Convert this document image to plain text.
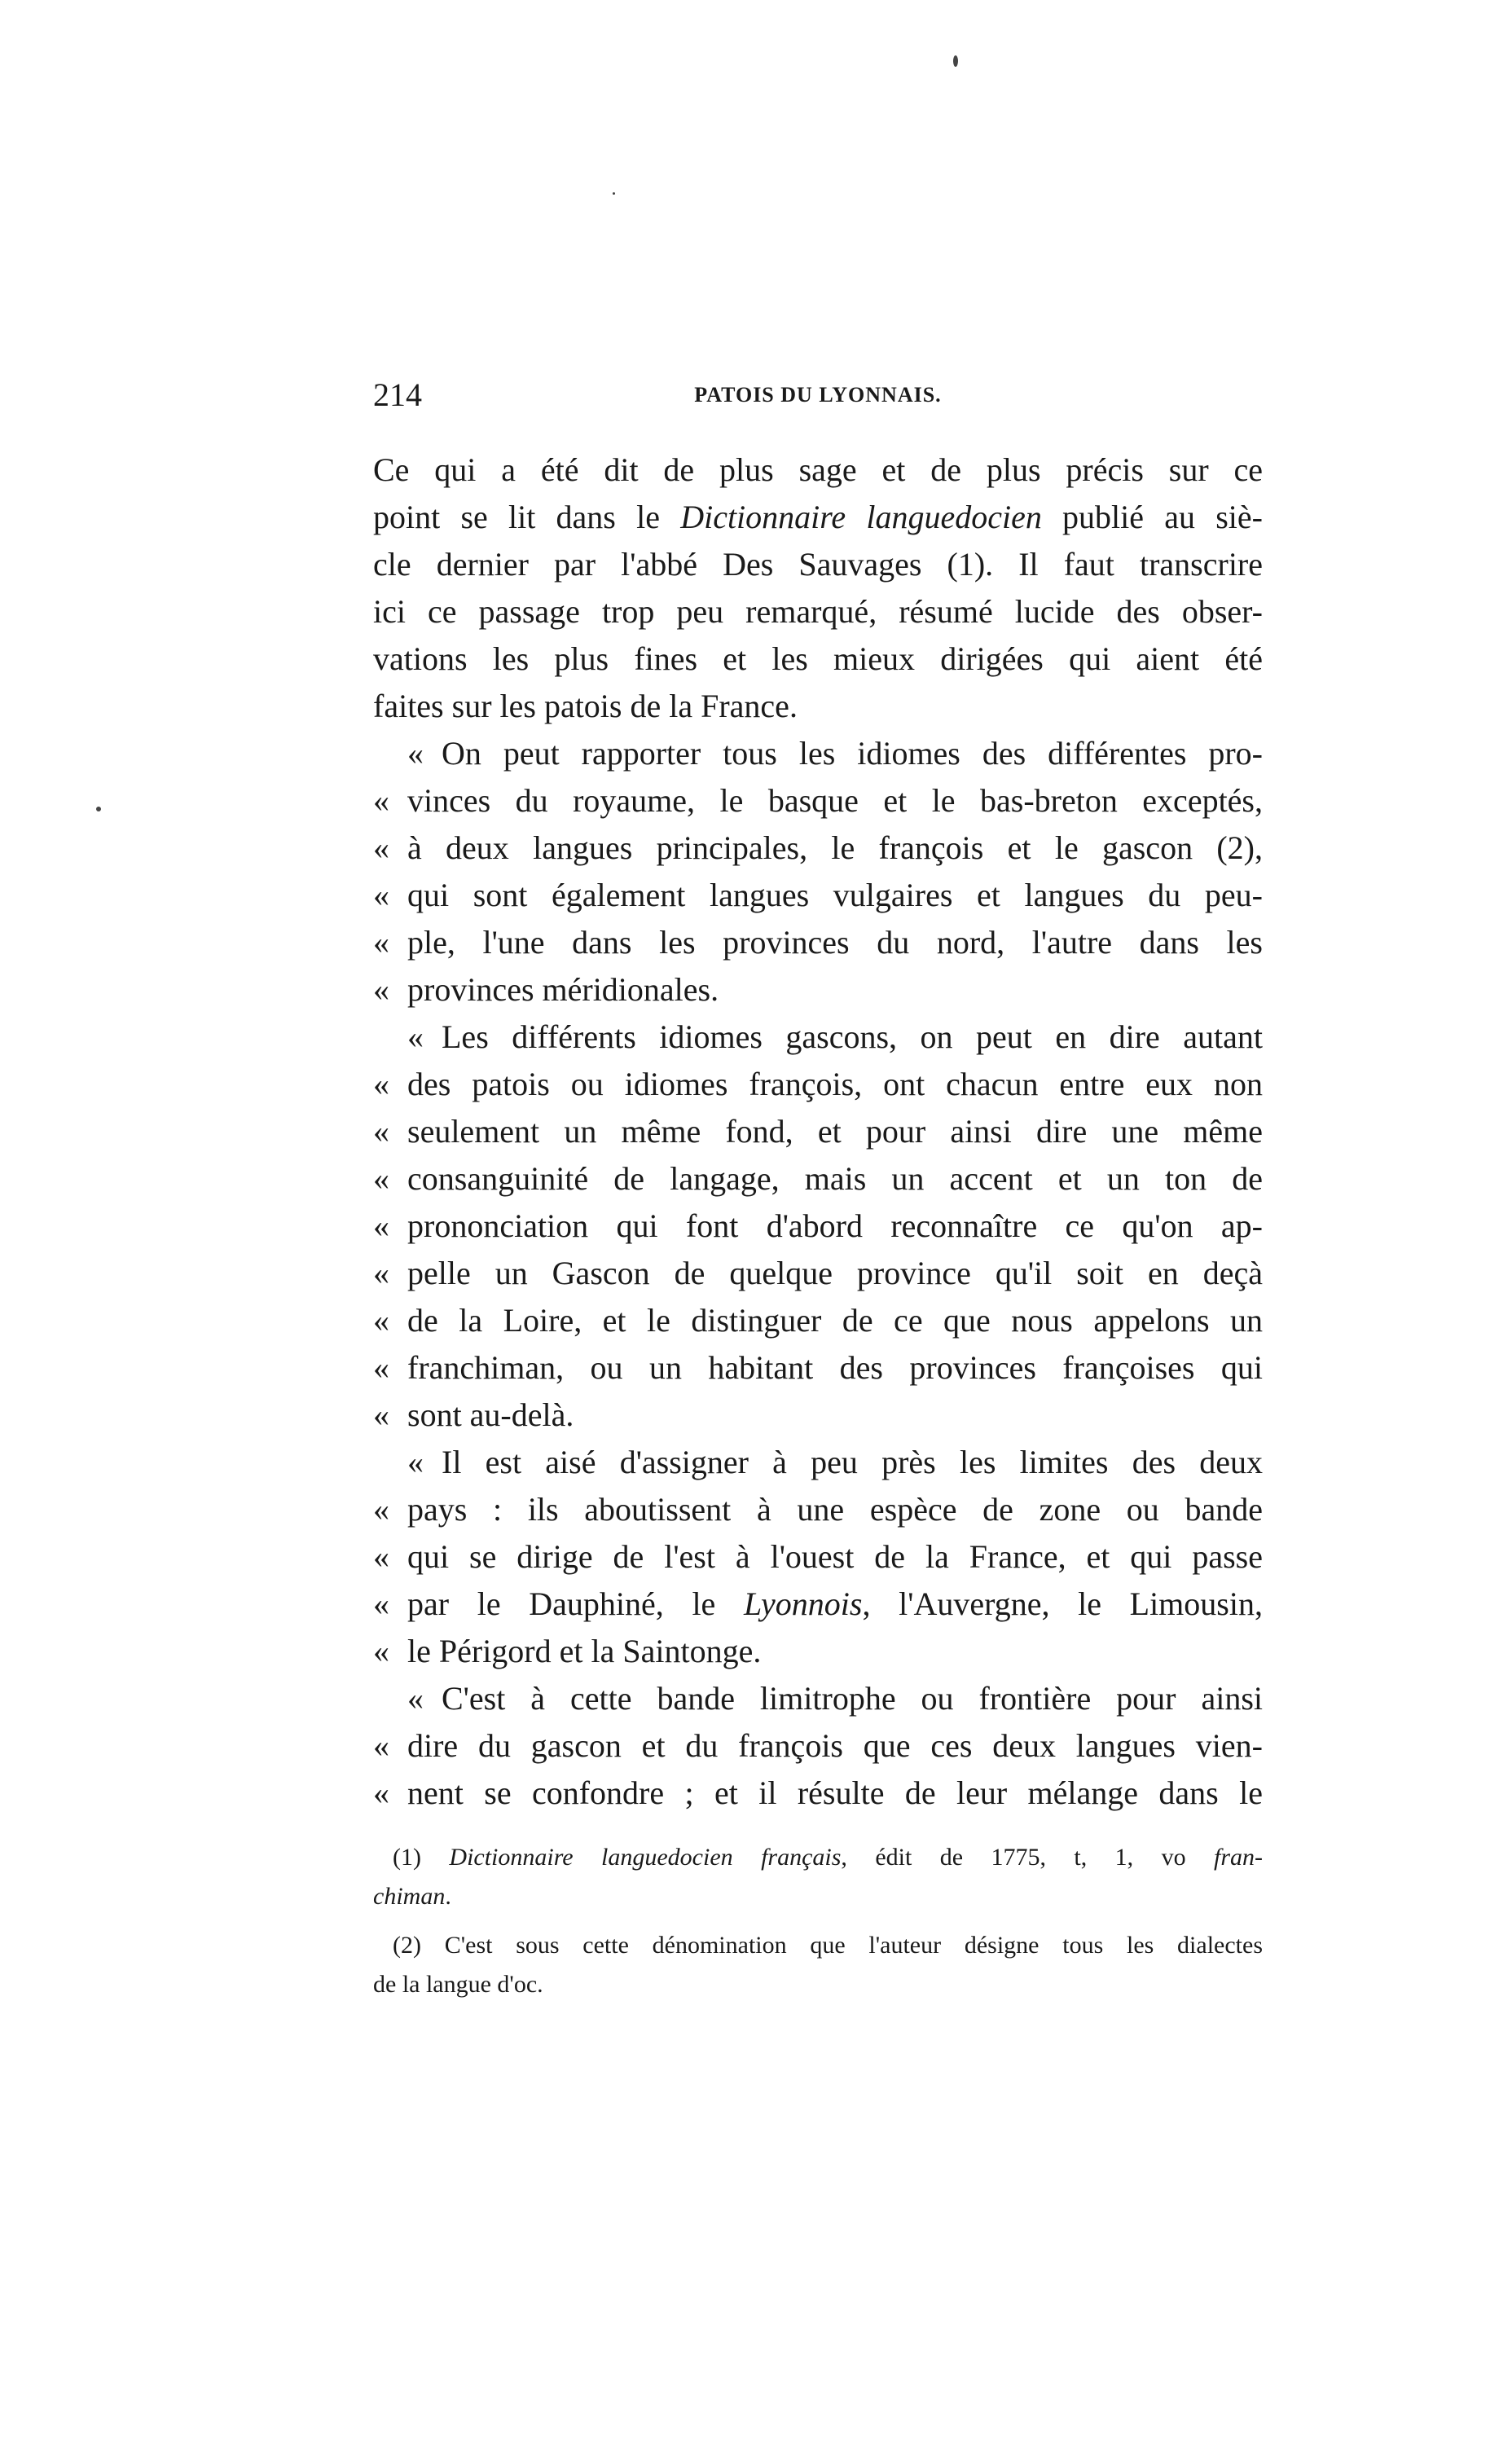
214	PATOIS DU LYONNAIS.
Ce qui a été dit de plus sage et de plus précis sur ce
point se lit dans le Dictionnaire languedocien publié au siè-
cle dernier par l'abbé Des Sauvages (1). Il faut transcrire
ici ce passage trop peu remarqué, résumé lucide des obser-
vations les plus fines et les mieux dirigées qui aient été
faites sur les patois de la France.
« On peut rapporter tous les idiomes des différentes pro-
« vinces du royaume, le basque et le bas-breton exceptés,
« à deux langues principales, le françois et le gascon (2),
« qui sont également langues vulgaires et langues du peu-
« ple, l'une dans les provinces du nord, l'autre dans les
« provinces méridionales.
« Les différents idiomes gascons, on peut en dire autant
« des patois ou idiomes françois, ont chacun entre eux non
« seulement un même fond, et pour ainsi dire une même
« consanguinité de langage, mais un accent et un ton de
« prononciation qui font d'abord reconnaître ce qu'on ap-
« pelle un Gascon de quelque province qu'il soit en deçà
« de la Loire, et le distinguer de ce que nous appelons un
« franchiman, ou un habitant des provinces françoises qui
« sont au-delà.
« Il est aisé d'assigner à peu près les limites des deux
« pays : ils aboutissent à une espèce de zone ou bande
« qui se dirige de l'est à l'ouest de la France, et qui passe
« par le Dauphiné, le Lyonnois, l'Auvergne, le Limousin,
« le Périgord et la Saintonge.
« C'est à cette bande limitrophe ou frontière pour ainsi
« dire du gascon et du françois que ces deux langues vien-
« nent se confondre ; et il résulte de leur mélange dans le
(1) Dictionnaire languedocien français, édit de 1775, t, 1, vo fran-
chiman.
(2) C'est sous cette dénomination que l'auteur désigne tous les dialectes
de la langue d'oc.
